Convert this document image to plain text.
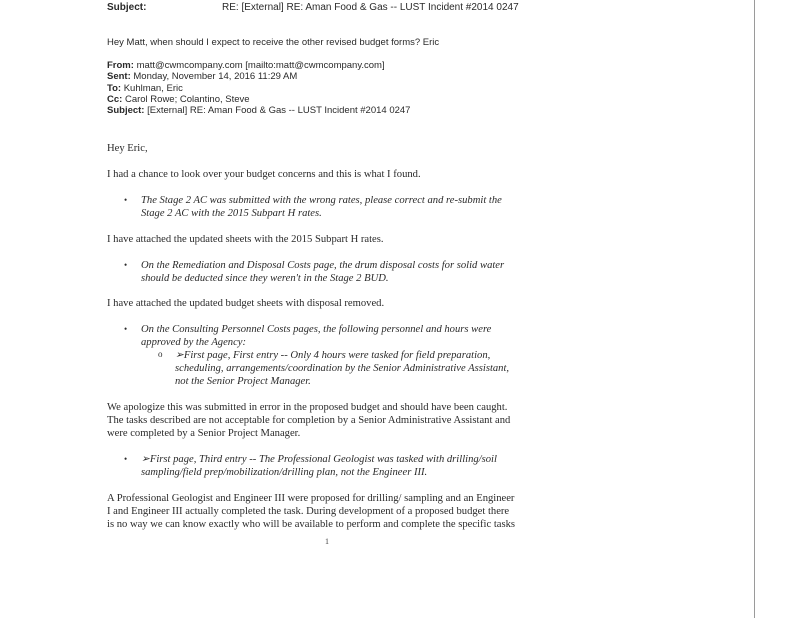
Subject:	RE: [External] RE: Aman Food & Gas -- LUST Incident #2014 0247
Hey Matt, when should I expect to receive the other revised budget forms? Eric
From: matt@cwmcompany.com [mailto:matt@cwmcompany.com]
Sent: Monday, November 14, 2016 11:29 AM
To: Kuhlman, Eric
Cc: Carol Rowe; Colantino, Steve
Subject: [External] RE: Aman Food & Gas -- LUST Incident #2014 0247
Hey Eric,
I had a chance to look over your budget concerns and this is what I found.
• The Stage 2 AC was submitted with the wrong rates, please correct and re-submit the
Stage 2 AC with the 2015 Subpart H rates.
I have attached the updated sheets with the 2015 Subpart H rates.
• On the Remediation and Disposal Costs page, the drum disposal costs for solid water
should be deducted since they weren't in the Stage 2 BUD.
I have attached the updated budget sheets with disposal removed.
• On the Consulting Personnel Costs pages, the following personnel and hours were
approved by the Agency:
o ➢First page, First entry -- Only 4 hours were tasked for field preparation,
scheduling, arrangements/coordination by the Senior Administrative Assistant,
not the Senior Project Manager.
We apologize this was submitted in error in the proposed budget and should have been caught.
The tasks described are not acceptable for completion by a Senior Administrative Assistant and
were completed by a Senior Project Manager.
• ➢First page, Third entry -- The Professional Geologist was tasked with drilling/soil
sampling/field prep/mobilization/drilling plan, not the Engineer III.
A Professional Geologist and Engineer III were proposed for drilling/ sampling and an Engineer
I and Engineer III actually completed the task. During development of a proposed budget there
is no way we can know exactly who will be available to perform and complete the specific tasks
1
